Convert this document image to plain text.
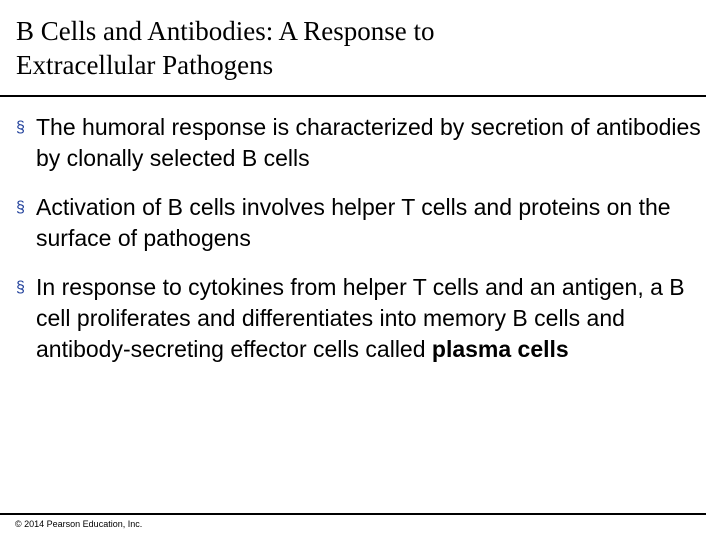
B Cells and Antibodies: A Response to
Extracellular Pathogens
§ The humoral response is characterized by secretion of antibodies by clonally selected B cells
§ Activation of B cells involves helper T cells and proteins on the surface of pathogens
§ In response to cytokines from helper T cells and an antigen, a B cell proliferates and differentiates into memory B cells and antibody-secreting effector cells called plasma cells
© 2014 Pearson Education, Inc.
